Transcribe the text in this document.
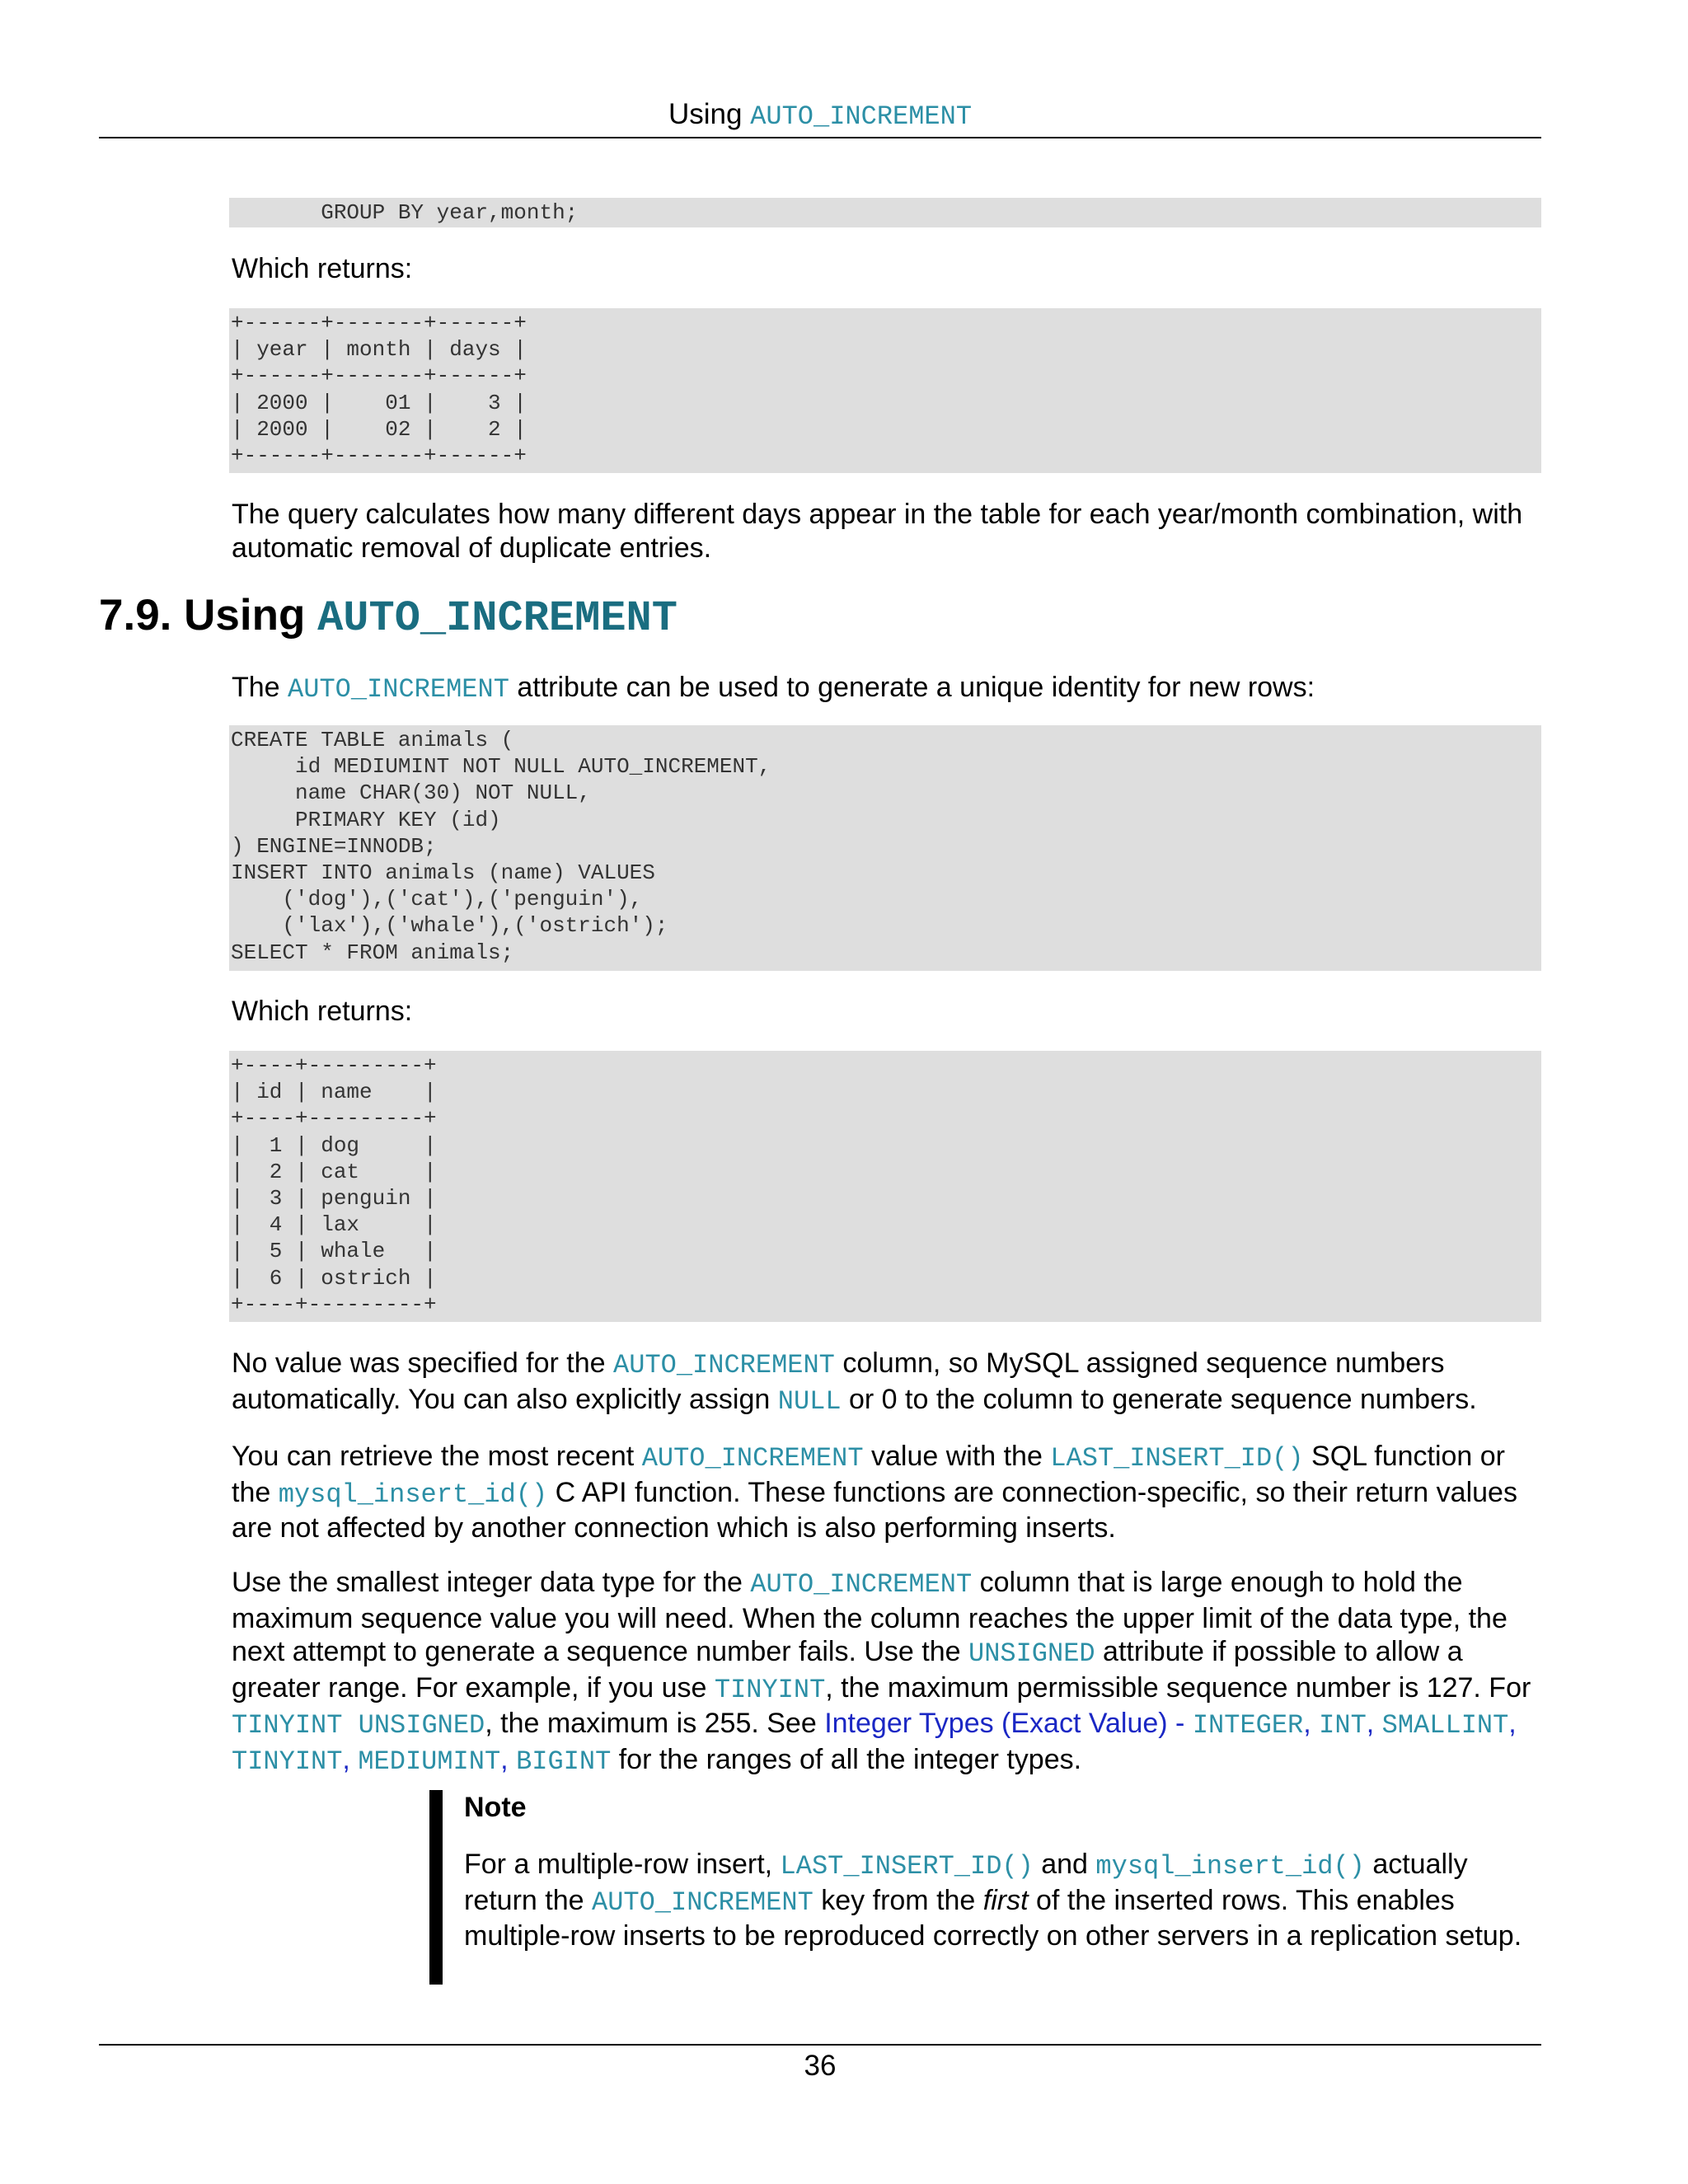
Using AUTO_INCREMENT
GROUP BY year,month;

Which returns:

+------+-------+------+
| year | month | days |
+------+-------+------+
| 2000 |    01 |    3 |
| 2000 |    02 |    2 |
+------+-------+------+

The query calculates how many different days appear in the table for each year/month combination, with automatic removal of duplicate entries.

7.9. Using AUTO_INCREMENT

The AUTO_INCREMENT attribute can be used to generate a unique identity for new rows:

CREATE TABLE animals (
id MEDIUMINT NOT NULL AUTO_INCREMENT,
name CHAR(30) NOT NULL,
PRIMARY KEY (id)
) ENGINE=INNODB;
INSERT INTO animals (name) VALUES
('dog'),('cat'),('penguin'),
('lax'),('whale'),('ostrich');
SELECT * FROM animals;

Which returns:

+----+---------+
| id | name    |
+----+---------+
|  1 | dog     |
|  2 | cat     |
|  3 | penguin |
|  4 | lax     |
|  5 | whale   |
|  6 | ostrich |
+----+---------+

No value was specified for the AUTO_INCREMENT column, so MySQL assigned sequence numbers automatically. You can also explicitly assign NULL or 0 to the column to generate sequence numbers.

You can retrieve the most recent AUTO_INCREMENT value with the LAST_INSERT_ID() SQL function or the mysql_insert_id() C API function. These functions are connection-specific, so their return values are not affected by another connection which is also performing inserts.

Use the smallest integer data type for the AUTO_INCREMENT column that is large enough to hold the maximum sequence value you will need. When the column reaches the upper limit of the data type, the next attempt to generate a sequence number fails. Use the UNSIGNED attribute if possible to allow a greater range. For example, if you use TINYINT, the maximum permissible sequence number is 127. For TINYINT UNSIGNED, the maximum is 255. See Integer Types (Exact Value) - INTEGER, INT, SMALLINT, TINYINT, MEDIUMINT, BIGINT for the ranges of all the integer types.

Note

For a multiple-row insert, LAST_INSERT_ID() and mysql_insert_id() actually return the AUTO_INCREMENT key from the first of the inserted rows. This enables multiple-row inserts to be reproduced correctly on other servers in a replication setup.

36
